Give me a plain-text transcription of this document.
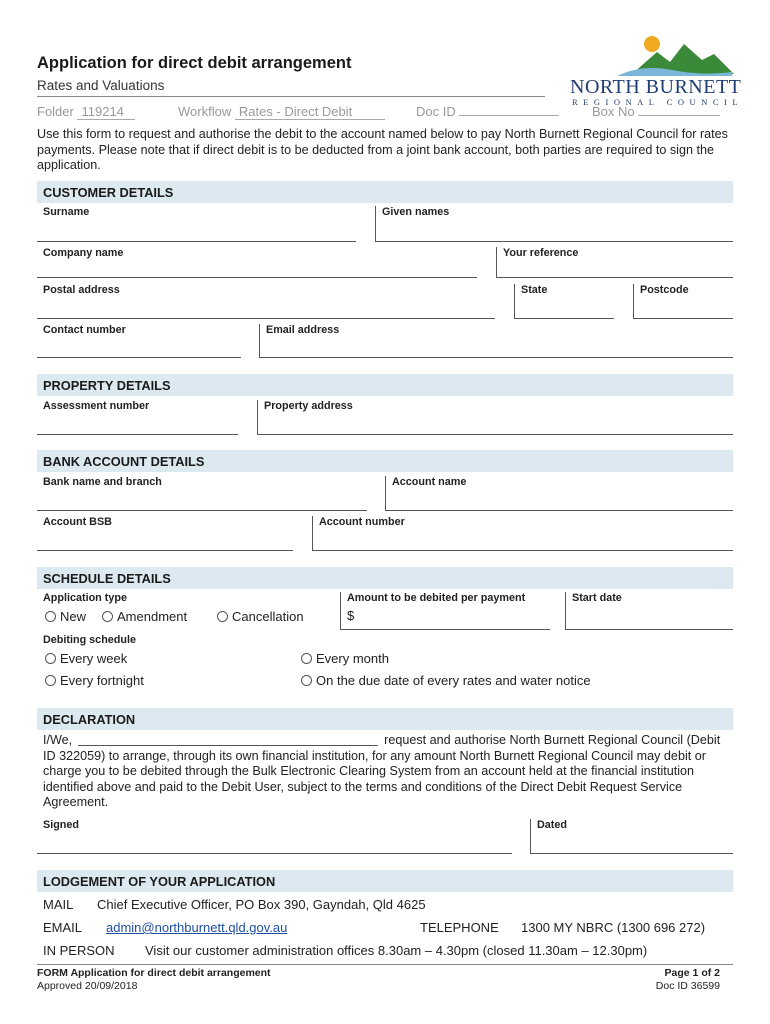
Application for direct debit arrangement
Rates and Valuations
Folder 119214	Workflow Rates - Direct Debit	Doc ID	Box No
NORTH BURNETT
REGIONAL COUNCIL
Use this form to request and authorise the debit to the account named below to pay North Burnett Regional Council for rates payments. Please note that if direct debit is to be deducted from a joint bank account, both parties are required to sign the application.
CUSTOMER DETAILS
Surname	Given names
Company name	Your reference
Postal address	State	Postcode
Contact number	Email address
PROPERTY DETAILS
Assessment number	Property address
BANK ACCOUNT DETAILS
Bank name and branch	Account name
Account BSB	Account number
SCHEDULE DETAILS
Application type
New	Amendment	Cancellation
Amount to be debited per payment
$
Start date
Debiting schedule
Every week	Every month
Every fortnight	On the due date of every rates and water notice
DECLARATION
I/We,	request and authorise North Burnett Regional Council (Debit ID 322059) to arrange, through its own financial institution, for any amount North Burnett Regional Council may debit or charge you to be debited through the Bulk Electronic Clearing System from an account held at the financial institution identified above and paid to the Debit User, subject to the terms and conditions of the Direct Debit Request Service Agreement.
Signed	Dated
LODGEMENT OF YOUR APPLICATION
MAIL Chief Executive Officer, PO Box 390, Gayndah, Qld 4625
EMAIL admin@northburnett.qld.gov.au	TELEPHONE 1300 MY NBRC (1300 696 272)
IN PERSON Visit our customer administration offices 8.30am – 4.30pm (closed 11.30am – 12.30pm)
FORM Application for direct debit arrangement
Approved 20/09/2018
Page 1 of 2
Doc ID 36599
